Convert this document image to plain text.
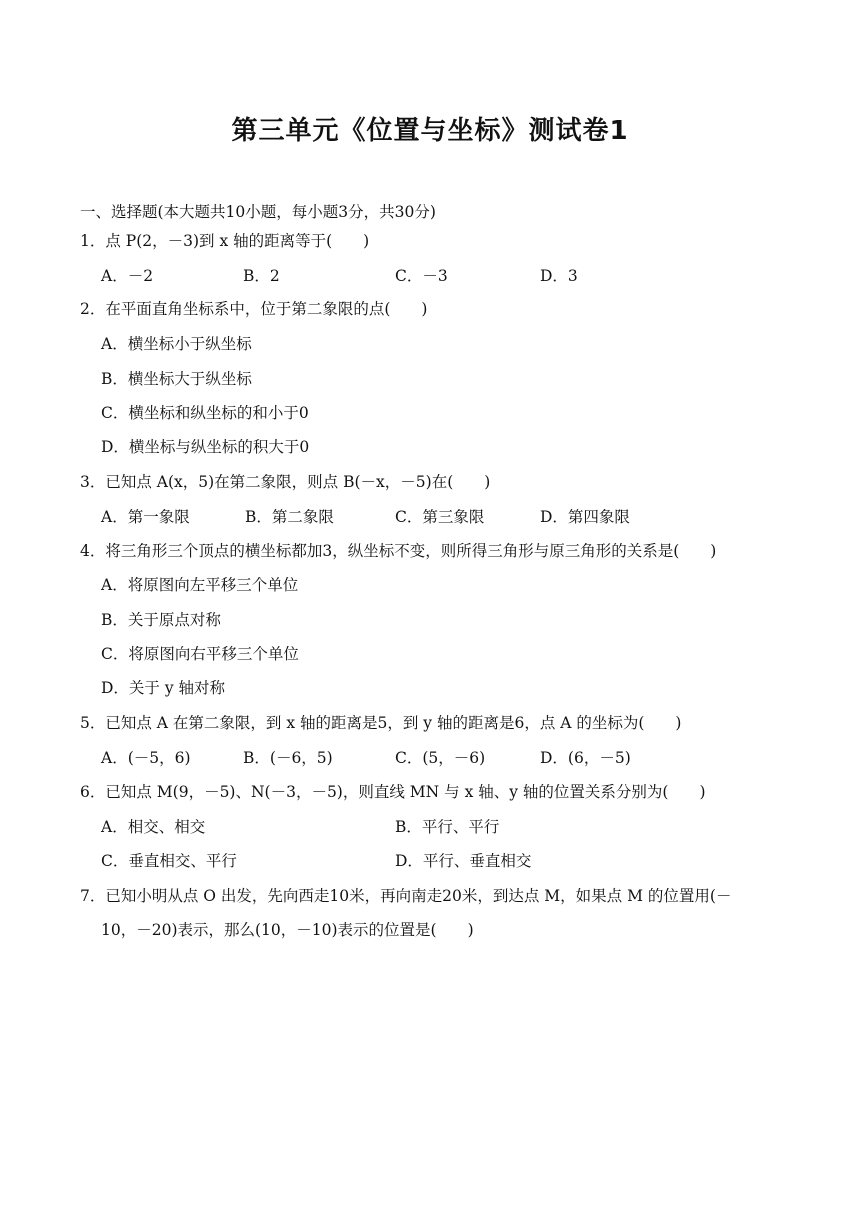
第三单元《位置与坐标》测试卷1
一、选择题(本大题共10小题，每小题3分，共30分)
1．点 P(2，－3)到 x 轴的距离等于(　　)
A．－2	B．2	C．－3	D．3
2．在平面直角坐标系中，位于第二象限的点(　　)
A．横坐标小于纵坐标
B．横坐标大于纵坐标
C．横坐标和纵坐标的和小于0
D．横坐标与纵坐标的积大于0
3．已知点 A(x，5)在第二象限，则点 B(－x，－5)在(　　)
A．第一象限	B．第二象限	C．第三象限	D．第四象限
4．将三角形三个顶点的横坐标都加3，纵坐标不变，则所得三角形与原三角形的关系是(　　)
A．将原图向左平移三个单位
B．关于原点对称
C．将原图向右平移三个单位
D．关于 y 轴对称
5．已知点 A 在第二象限，到 x 轴的距离是5，到 y 轴的距离是6，点 A 的坐标为(　　)
A．(－5，6)	B．(－6，5)	C．(5，－6)	D．(6，－5)
6．已知点 M(9，－5)、N(－3，－5)，则直线 MN 与 x 轴、y 轴的位置关系分别为(　　)
A．相交、相交	B．平行、平行
C．垂直相交、平行	D．平行、垂直相交
7．已知小明从点 O 出发，先向西走10米，再向南走20米，到达点 M，如果点 M 的位置用(－
10，－20)表示，那么(10，－10)表示的位置是(　　)
